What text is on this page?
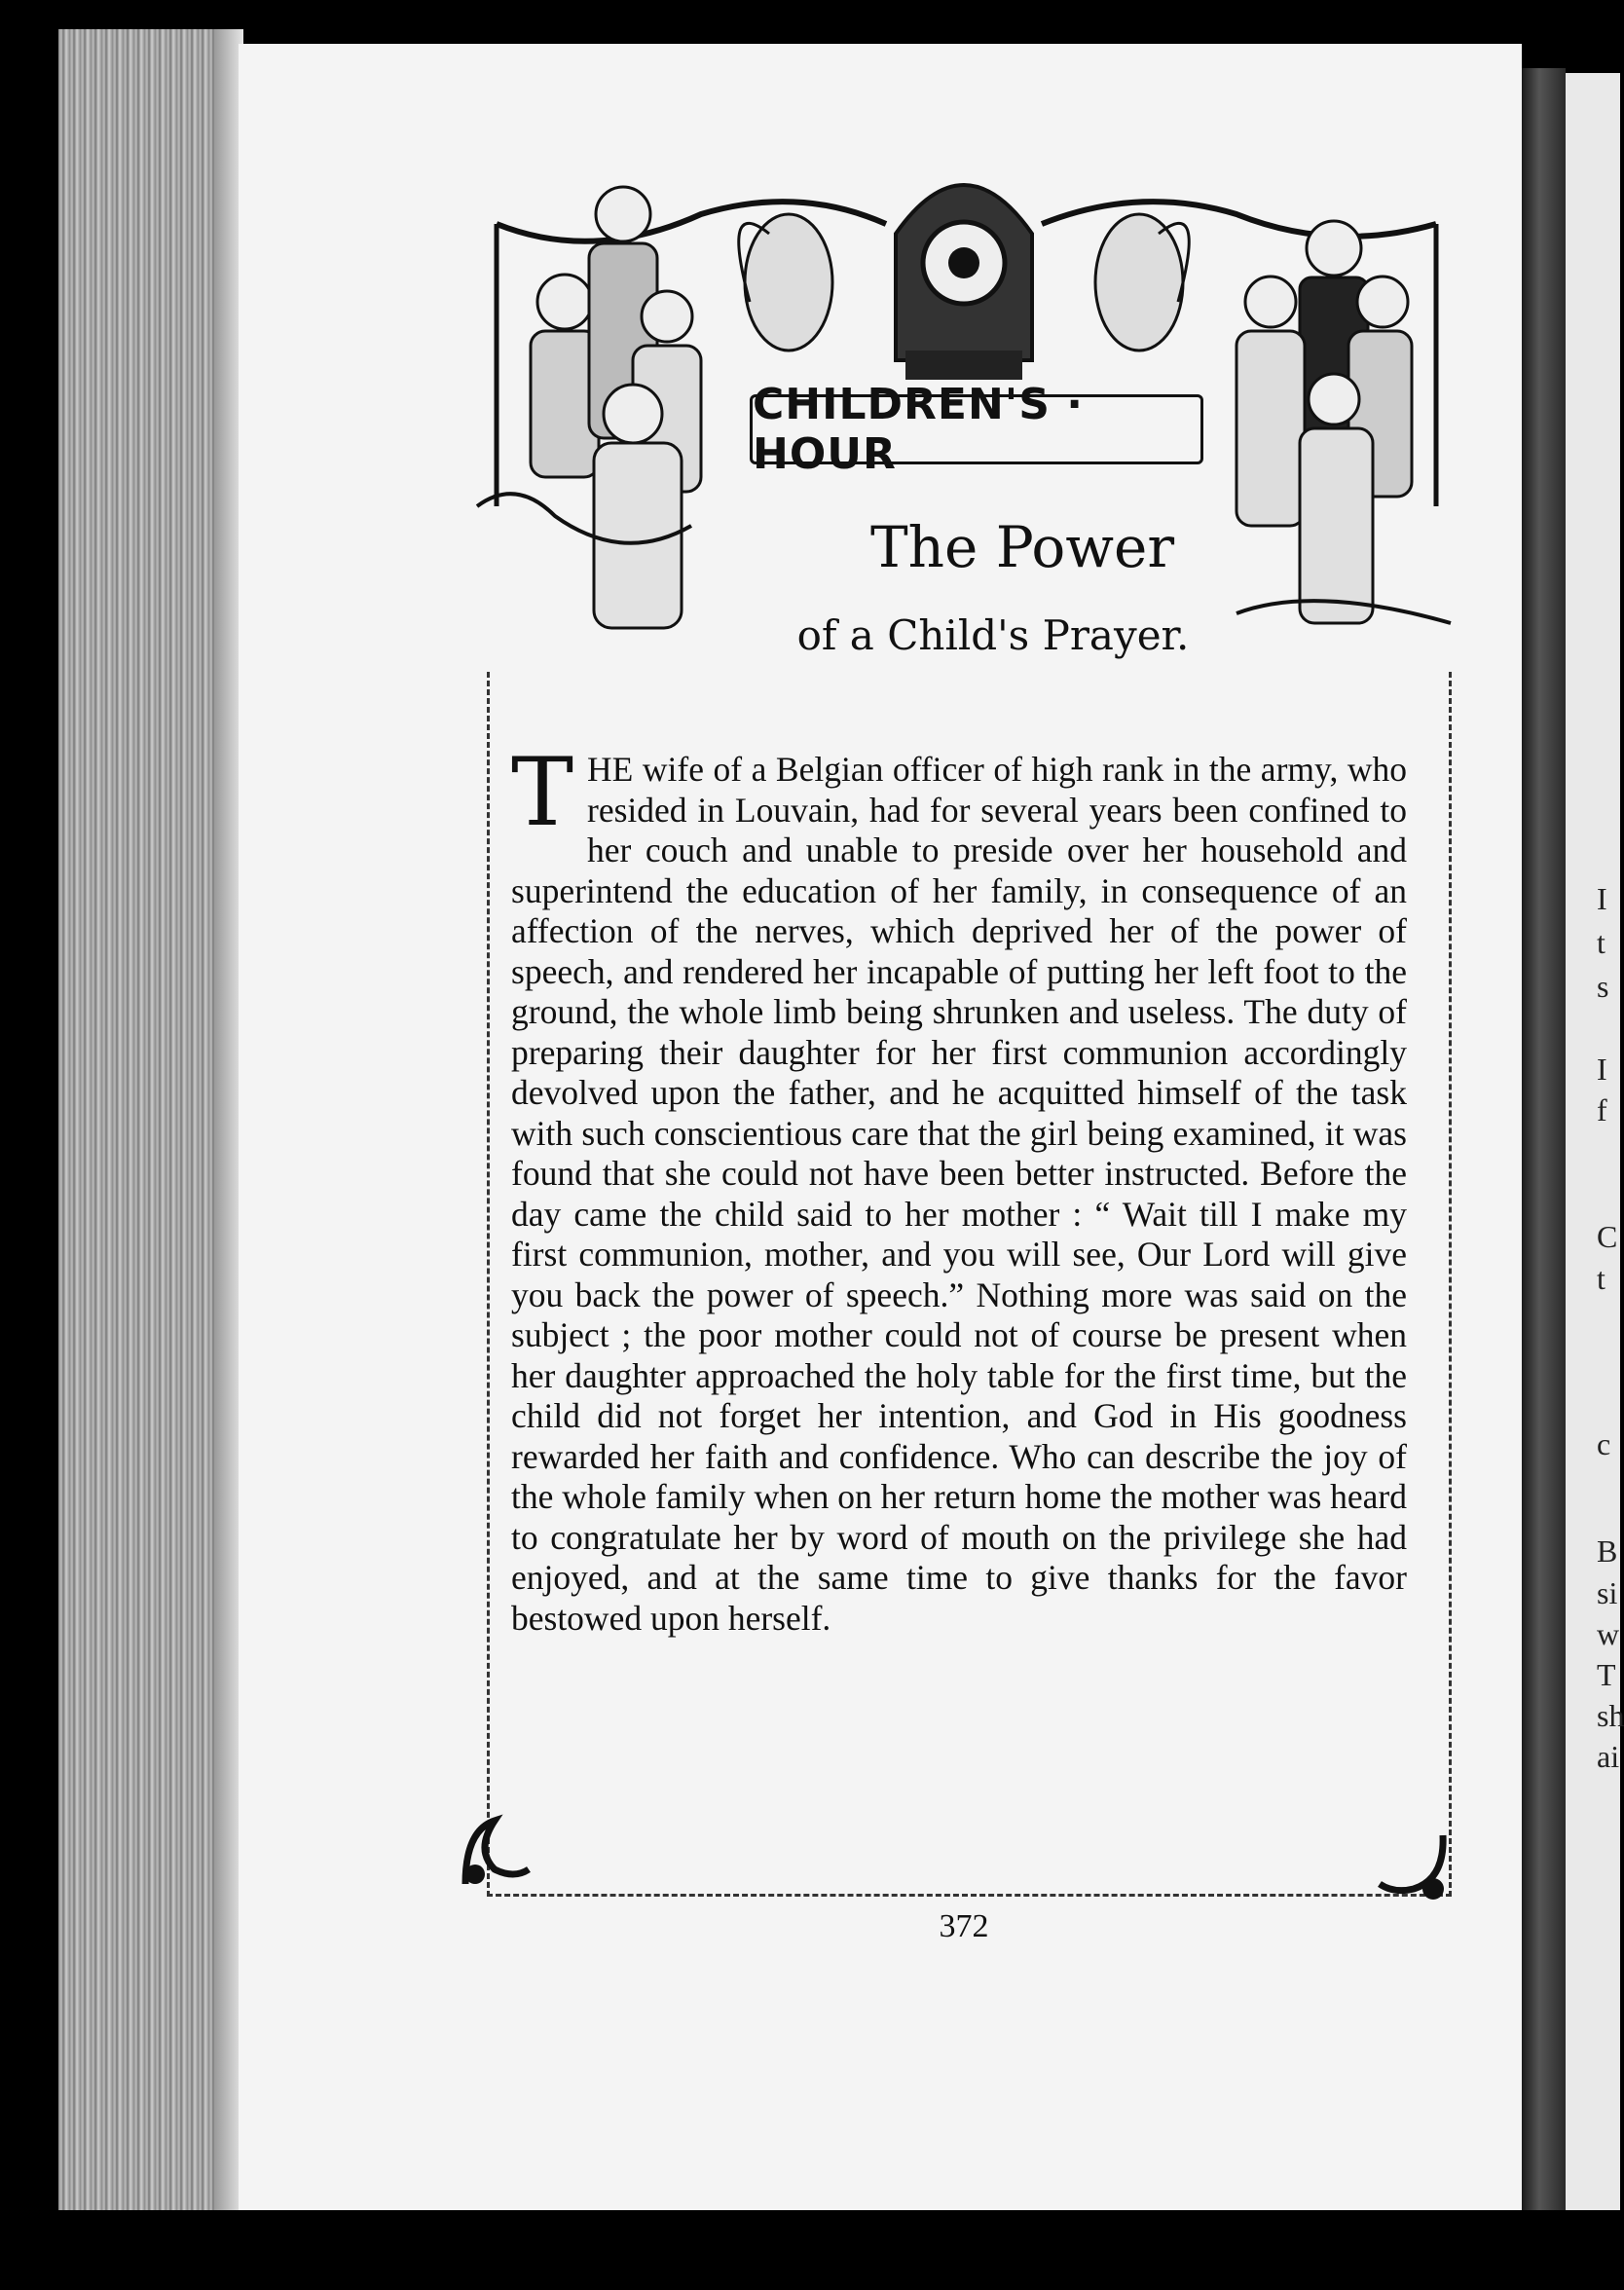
I
t
s
I
f
C
t
c
B
si
w
T
sh
ai
CHILDREN'S · HOUR
The Power
of a Child's Prayer.
THE wife of a Belgian officer of high rank in the army, who resided in Louvain, had for several years been confined to her couch and unable to preside over her household and superintend the education of her family, in consequence of an affection of the nerves, which deprived her of the power of speech, and rendered her incapable of putting her left foot to the ground, the whole limb being shrunken and useless. The duty of preparing their daughter for her first communion accordingly devolved upon the father, and he acquitted himself of the task with such conscientious care that the girl being examined, it was found that she could not have been better instructed. Before the day came the child said to her mother : “ Wait till I make my first communion, mother, and you will see, Our Lord will give you back the power of speech.” Nothing more was said on the subject ; the poor mother could not of course be present when her daughter approached the holy table for the first time, but the child did not forget her intention, and God in His goodness rewarded her faith and confidence. Who can describe the joy of the whole family when on her return home the mother was heard to congratulate her by word of mouth on the privilege she had enjoyed, and at the same time to give thanks for the favor bestowed upon herself.
372
